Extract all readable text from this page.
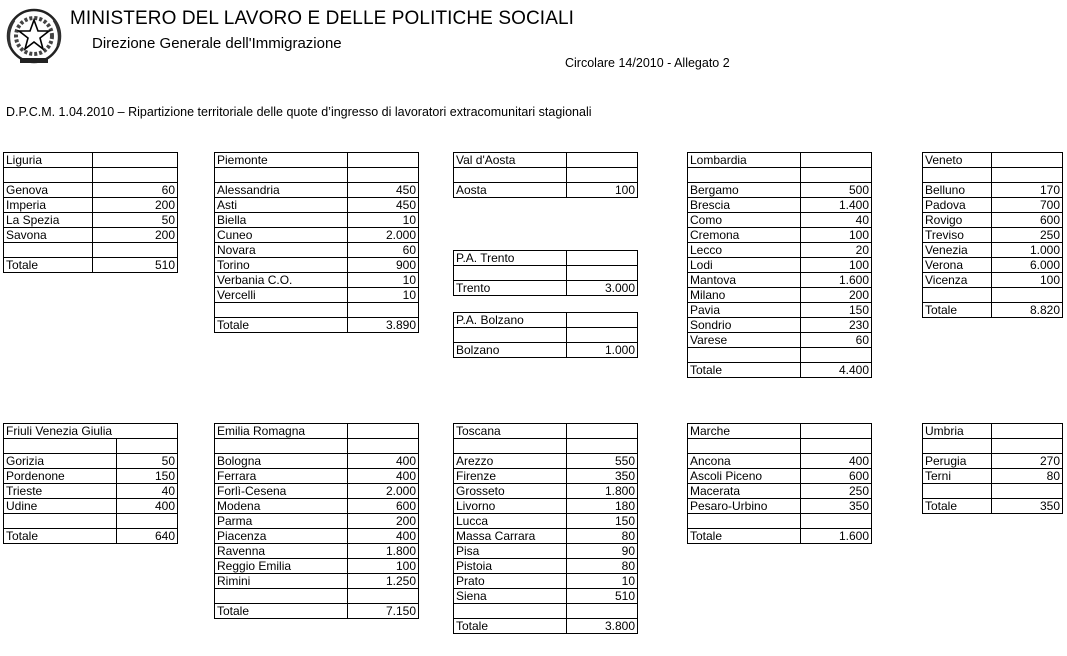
MINISTERO DEL LAVORO E DELLE POLITICHE SOCIALI
Direzione Generale dell'Immigrazione
Circolare 14/2010 - Allegato 2
D.P.C.M. 1.04.2010 – Ripartizione territoriale delle quote d’ingresso di lavoratori extracomunitari stagionali
Liguria	

Genova	60
Imperia	200
La Spezia	50
Savona	200

Totale	510
Piemonte	

Alessandria	450
Asti	450
Biella	10
Cuneo	2.000
Novara	60
Torino	900
Verbania C.O.	10
Vercelli	10

Totale	3.890
Val d'Aosta	

Aosta	100
P.A. Trento	

Trento	3.000
P.A. Bolzano	

Bolzano	1.000
Lombardia	

Bergamo	500
Brescia	1.400
Como	40
Cremona	100
Lecco	20
Lodi	100
Mantova	1.600
Milano	200
Pavia	150
Sondrio	230
Varese	60

Totale	4.400
Veneto	

Belluno	170
Padova	700
Rovigo	600
Treviso	250
Venezia	1.000
Verona	6.000
Vicenza	100

Totale	8.820
Friuli Venezia Giulia	

Gorizia	50
Pordenone	150
Trieste	40
Udine	400

Totale	640
Emilia Romagna	

Bologna	400
Ferrara	400
Forlì-Cesena	2.000
Modena	600
Parma	200
Piacenza	400
Ravenna	1.800
Reggio Emilia	100
Rimini	1.250

Totale	7.150
Toscana	

Arezzo	550
Firenze	350
Grosseto	1.800
Livorno	180
Lucca	150
Massa Carrara	80
Pisa	90
Pistoia	80
Prato	10
Siena	510

Totale	3.800
Marche	

Ancona	400
Ascoli Piceno	600
Macerata	250
Pesaro-Urbino	350

Totale	1.600
Umbria	

Perugia	270
Terni	80

Totale	350
